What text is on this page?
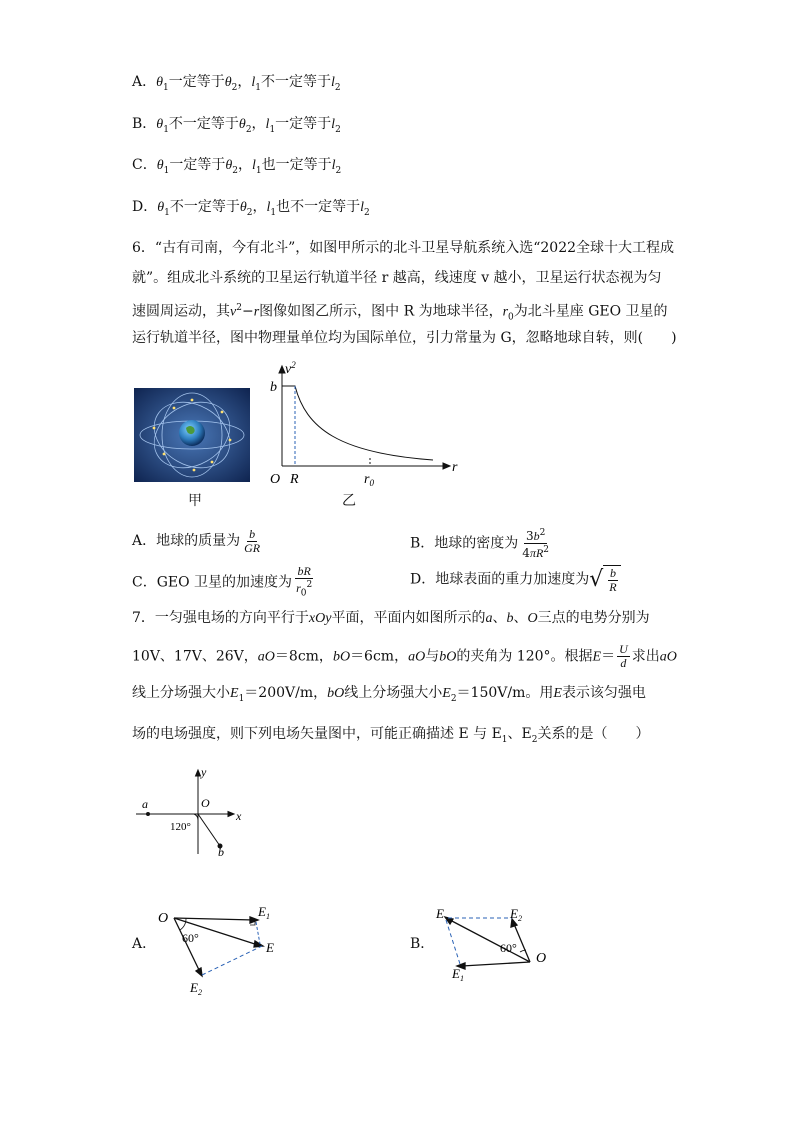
A．$\theta_1$一定等于$\theta_2$，$l_1$不一定等于$l_2$
B．$\theta_1$不一定等于$\theta_2$，$l_1$一定等于$l_2$
C．$\theta_1$一定等于$\theta_2$，$l_1$也一定等于$l_2$
D．$\theta_1$不一定等于$\theta_2$，$l_1$也不一定等于$l_2$
6．“古有司南，今有北斗”，如图甲所示的北斗卫星导航系统入选“2022全球十大工程成
就”。组成北斗系统的卫星运行轨道半径 r 越高，线速度 v 越小，卫星运行状态视为匀
速圆周运动，其$v^2-r$图像如图乙所示，图中 R 为地球半径，$r_0$为北斗星座 GEO 卫星的
运行轨道半径，图中物理量单位均为国际单位，引力常量为 G，忽略地球自转，则(　　)
甲
$v^2$
b
O R	$r_0$
r
乙
A．地球的质量为 $\frac{b}{GR}$	B．地球的密度为 $\frac{3b^2}{4\pi R^2}$
C．GEO 卫星的加速度为 $\frac{bR}{r_0^2}$	D．地球表面的重力加速度为 √ $\frac{b}{R}$
7．一匀强电场的方向平行于xOy平面，平面内如图所示的a、b、O三点的电势分别为
10V、17V、26V，aO＝8cm，bO＝6cm，aO与bO的夹角为 120°。根据$E= \frac{U}{d}$ 求出aO
线上分场强大小$E_1=200V/m$，bO线上分场强大小$E_2=150V/m$。用E表示该匀强电
场的电场强度，则下列电场矢量图中，可能正确描述 E 与 $E_1$、$E_2$关系的是（　　）
y
x
O
a
b
120°
A．
O
60°
$E_1$
E
$E_2$
B．
E	$E_2$
60°
O
$E_1$
